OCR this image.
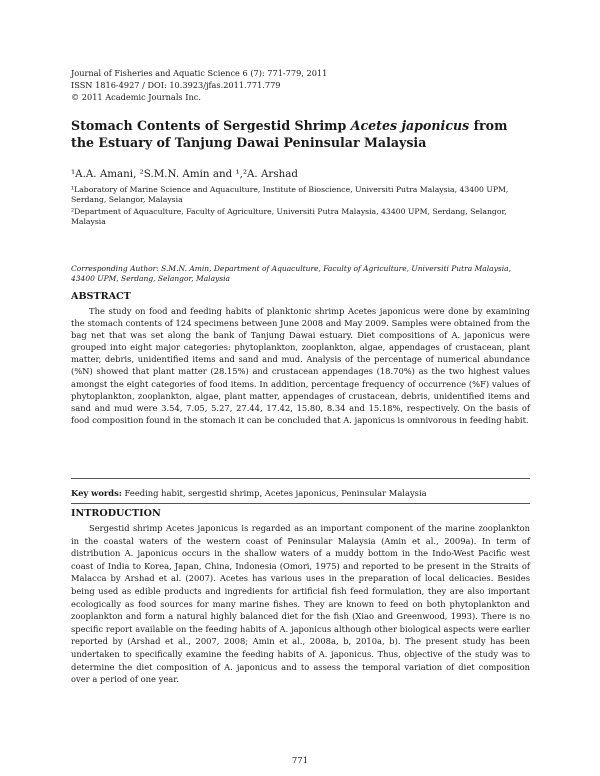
Journal of Fisheries and Aquatic Science 6 (7): 771-779, 2011

ISSN 1816-4927 / DOI: 10.3923/jfas.2011.771.779

© 2011 Academic Journals Inc.

Stomach Contents of Sergestid Shrimp Acetes japonicus from the Estuary of Tanjung Dawai Peninsular Malaysia

¹A.A. Amani, ²S.M.N. Amin and ¹,²A. Arshad

¹Laboratory of Marine Science and Aquaculture, Institute of Bioscience, Universiti Putra Malaysia, 43400 UPM, Serdang, Selangor, Malaysia

²Department of Aquaculture, Faculty of Agriculture, Universiti Putra Malaysia, 43400 UPM, Serdang, Selangor, Malaysia

Corresponding Author: S.M.N. Amin, Department of Aquaculture, Faculty of Agriculture, Universiti Putra Malaysia, 43400 UPM, Serdang, Selangor, Malaysia

ABSTRACT

The study on food and feeding habits of planktonic shrimp Acetes japonicus were done by examining the stomach contents of 124 specimens between June 2008 and May 2009. Samples were obtained from the bag net that was set along the bank of Tanjung Dawai estuary. Diet compositions of A. japonicus were grouped into eight major categories: phytoplankton, zooplankton, algae, appendages of crustacean, plant matter, debris, unidentified items and sand and mud. Analysis of the percentage of numerical abundance (%N) showed that plant matter (28.15%) and crustacean appendages (18.70%) as the two highest values amongst the eight categories of food items. In addition, percentage frequency of occurrence (%F) values of phytoplankton, zooplankton, algae, plant matter, appendages of crustacean, debris, unidentified items and sand and mud were 3.54, 7.05, 5.27, 27.44, 17.42, 15.80, 8.34 and 15.18%, respectively. On the basis of food composition found in the stomach it can be concluded that A. japonicus is omnivorous in feeding habit.

Key words: Feeding habit, sergestid shrimp, Acetes japonicus, Peninsular Malaysia

INTRODUCTION

Sergestid shrimp Acetes japonicus is regarded as an important component of the marine zooplankton in the coastal waters of the western coast of Peninsular Malaysia (Amin et al., 2009a). In term of distribution A. japonicus occurs in the shallow waters of a muddy bottom in the Indo-West Pacific west coast of India to Korea, Japan, China, Indonesia (Omori, 1975) and reported to be present in the Straits of Malacca by Arshad et al. (2007). Acetes has various uses in the preparation of local delicacies. Besides being used as edible products and ingredients for artificial fish feed formulation, they are also important ecologically as food sources for many marine fishes. They are known to feed on both phytoplankton and zooplankton and form a natural highly balanced diet for the fish (Xiao and Greenwood, 1993). There is no specific report available on the feeding habits of A. japonicus although other biological aspects were earlier reported by (Arshad et al., 2007, 2008; Amin et al., 2008a, b, 2010a, b). The present study has been undertaken to specifically examine the feeding habits of A. japonicus. Thus, objective of the study was to determine the diet composition of A. japonicus and to assess the temporal variation of diet composition over a period of one year.

771
